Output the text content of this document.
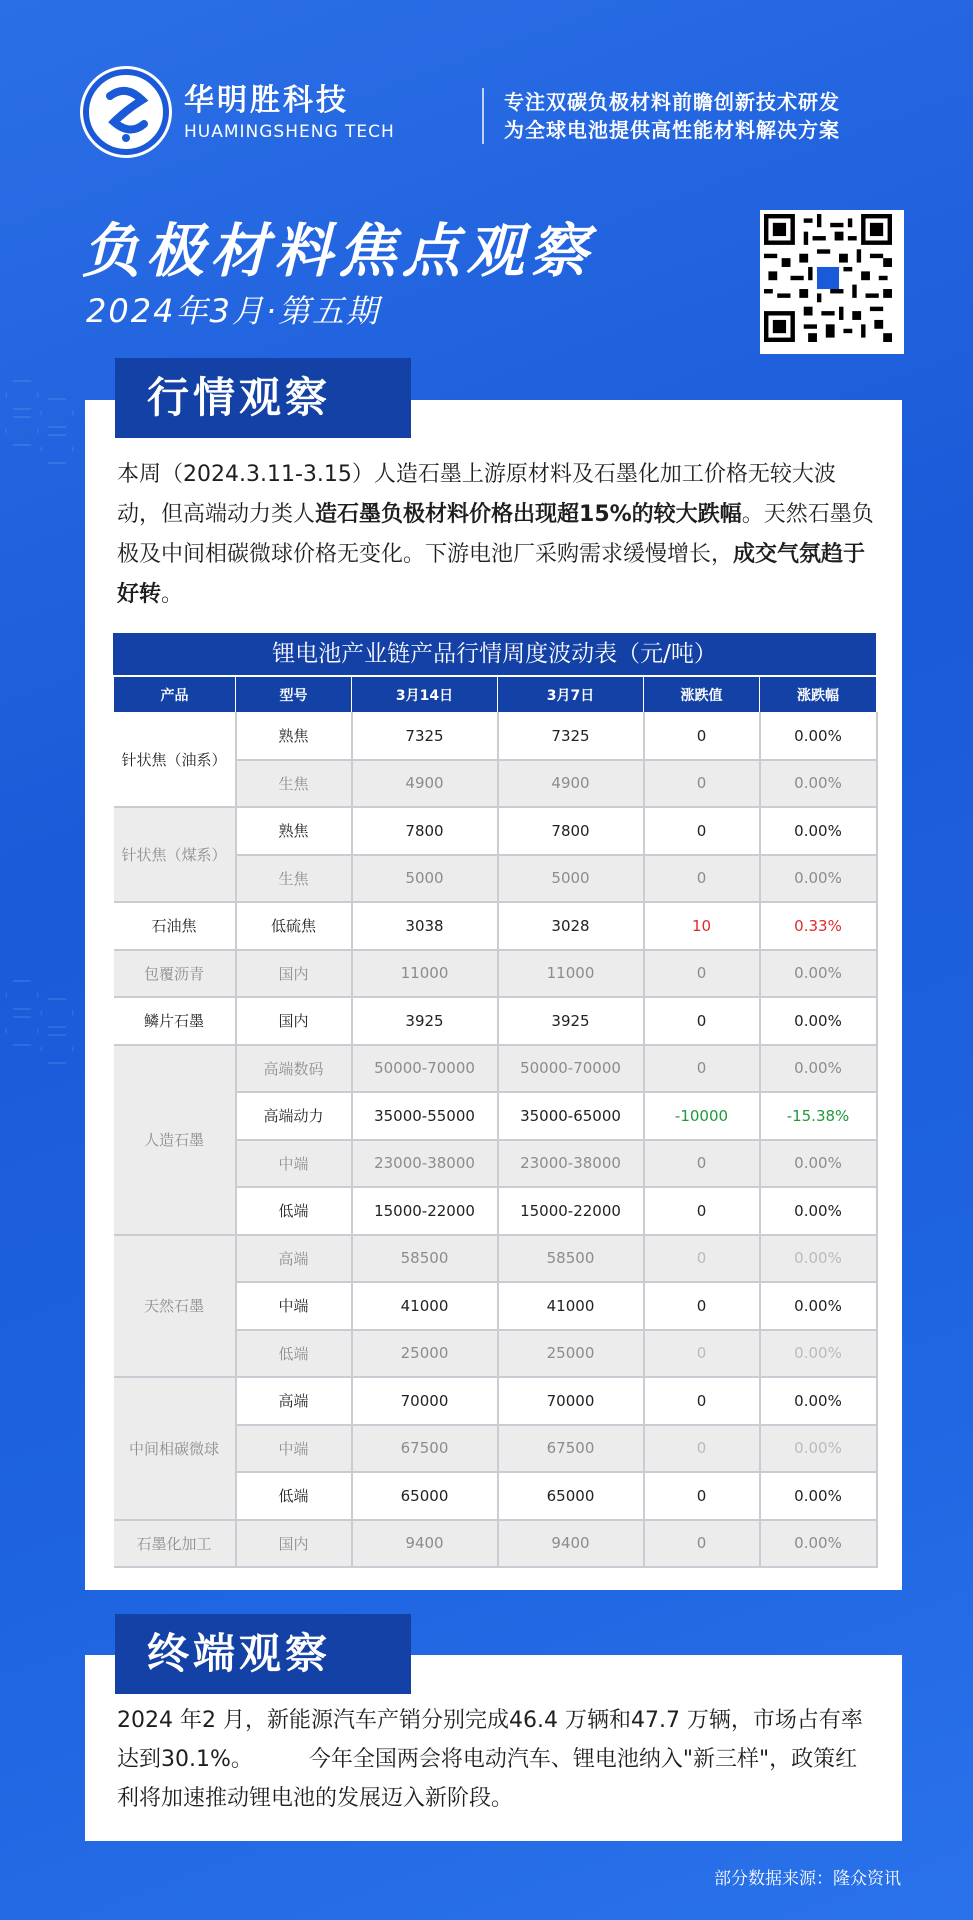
华明胜科技
HUAMINGSHENG TECH
专注双碳负极材料前瞻创新技术研发
为全球电池提供高性能材料解决方案
负极材料焦点观察
2024年3月·第五期
本周（2024.3.11-3.15）人造石墨上游原材料及石墨化加工价格无较大波动，但高端动力类人造石墨负极材料价格出现超15%的较大跌幅。天然石墨负极及中间相碳微球价格无变化。下游电池厂采购需求缓慢增长，成交气氛趋于好转。
锂电池产业链产品行情周度波动表（元/吨）
产品	型号	3月14日	3月7日	涨跌值	涨跌幅
针状焦（油系）	熟焦	7325	7325	0	0.00%
	生焦	4900	4900	0	0.00%
针状焦（煤系）	熟焦	7800	7800	0	0.00%
	生焦	5000	5000	0	0.00%
石油焦	低硫焦	3038	3028	10	0.33%
包覆沥青	国内	11000	11000	0	0.00%
鳞片石墨	国内	3925	3925	0	0.00%
人造石墨	高端数码	50000-70000	50000-70000	0	0.00%
	高端动力	35000-55000	35000-65000	-10000	-15.38%
	中端	23000-38000	23000-38000	0	0.00%
	低端	15000-22000	15000-22000	0	0.00%
天然石墨	高端	58500	58500	0	0.00%
	中端	41000	41000	0	0.00%
	低端	25000	25000	0	0.00%
中间相碳微球	高端	70000	70000	0	0.00%
	中端	67500	67500	0	0.00%
	低端	65000	65000	0	0.00%
石墨化加工	国内	9400	9400	0	0.00%
行情观察
2024 年2 月，新能源汽车产销分别完成46.4 万辆和47.7 万辆，市场占有率达到30.1%。        今年全国两会将电动汽车、锂电池纳入"新三样"，政策红利将加速推动锂电池的发展迈入新阶段。
终端观察
部分数据来源：隆众资讯
